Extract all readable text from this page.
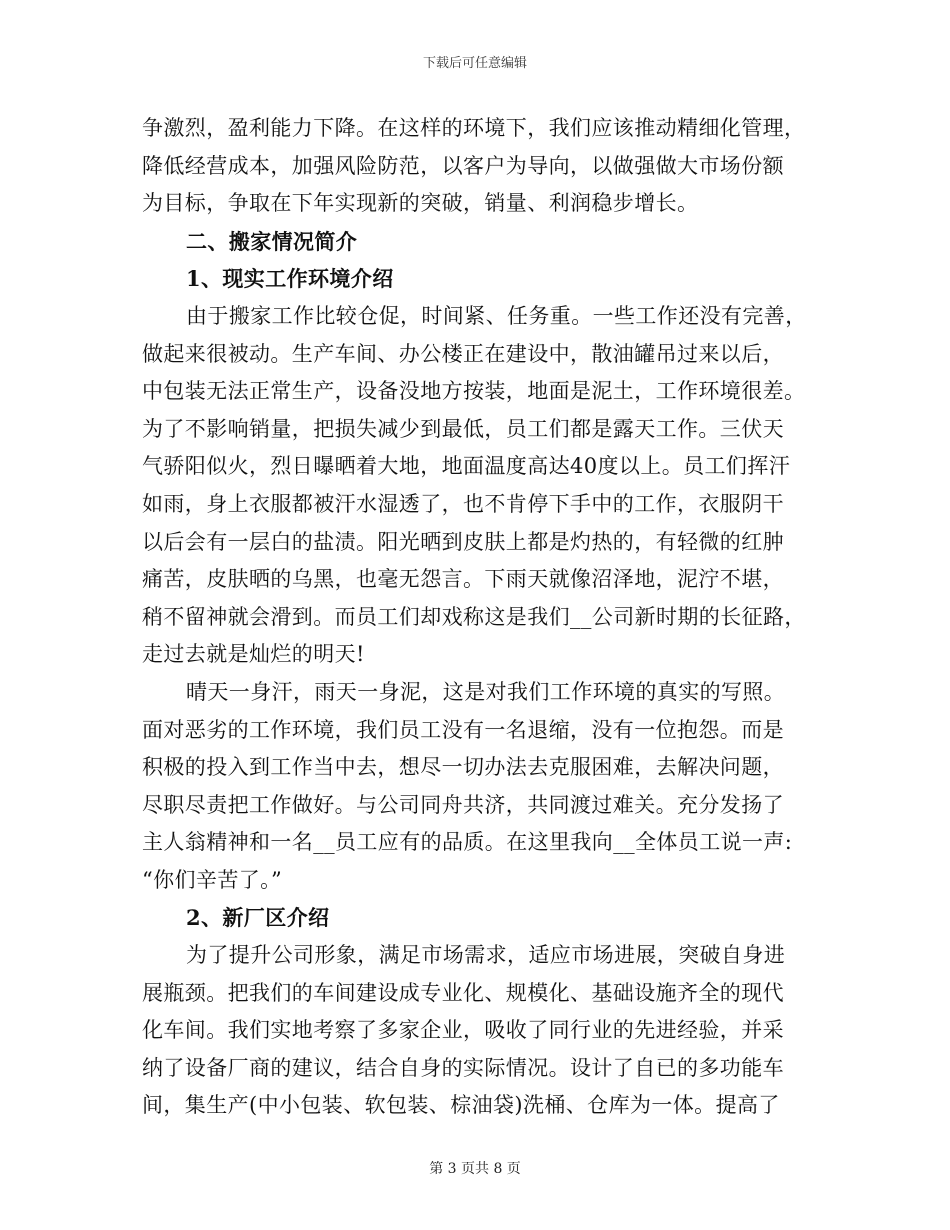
下载后可任意编辑
争激烈，盈利能力下降。在这样的环境下，我们应该推动精细化管理，
降低经营成本，加强风险防范，以客户为导向，以做强做大市场份额
为目标，争取在下年实现新的突破，销量、利润稳步增长。
二、搬家情况简介
1、现实工作环境介绍
由于搬家工作比较仓促，时间紧、任务重。一些工作还没有完善，
做起来很被动。生产车间、办公楼正在建设中，散油罐吊过来以后，
中包装无法正常生产，设备没地方按装，地面是泥土，工作环境很差。
为了不影响销量，把损失减少到最低，员工们都是露天工作。三伏天
气骄阳似火，烈日曝晒着大地，地面温度高达40度以上。员工们挥汗
如雨，身上衣服都被汗水湿透了，也不肯停下手中的工作，衣服阴干
以后会有一层白的盐渍。阳光晒到皮肤上都是灼热的，有轻微的红肿
痛苦，皮肤晒的乌黑，也毫无怨言。下雨天就像沼泽地，泥泞不堪，
稍不留神就会滑到。而员工们却戏称这是我们__公司新时期的长征路，
走过去就是灿烂的明天!
晴天一身汗，雨天一身泥，这是对我们工作环境的真实的写照。
面对恶劣的工作环境，我们员工没有一名退缩，没有一位抱怨。而是
积极的投入到工作当中去，想尽一切办法去克服困难，去解决问题，
尽职尽责把工作做好。与公司同舟共济，共同渡过难关。充分发扬了
主人翁精神和一名__员工应有的品质。在这里我向__全体员工说一声:
“你们辛苦了。”
2、新厂区介绍
为了提升公司形象，满足市场需求，适应市场进展，突破自身进
展瓶颈。把我们的车间建设成专业化、规模化、基础设施齐全的现代
化车间。我们实地考察了多家企业，吸收了同行业的先进经验，并采
纳了设备厂商的建议，结合自身的实际情况。设计了自已的多功能车
间，集生产(中小包装、软包装、棕油袋)洗桶、仓库为一体。提高了
第 3 页共 8 页
